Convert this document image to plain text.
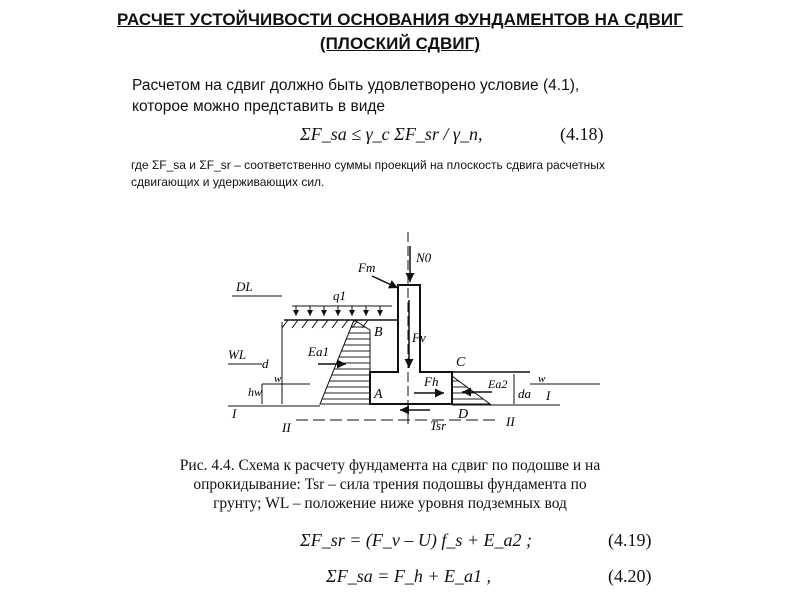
РАСЧЕТ УСТОЙЧИВОСТИ ОСНОВАНИЯ ФУНДАМЕНТОВ НА СДВИГ
(ПЛОСКИЙ СДВИГ)
Расчетом на сдвиг должно быть удовлетворено условие (4.1),
которое можно представить в виде
ΣF_sa ≤ γ_c ΣF_sr / γ_n,	(4.18)
где ΣF_sa и ΣF_sr – соответственно суммы проекций на плоскость сдвига расчетных
сдвигающих и удерживающих сил.
N0
Fm
Fv
Fh
DL
q1
Ea1
B
A
WL
d
w
hw
I
II	II
Tsr
C
Ea2
D
da
w
I
Рис. 4.4. Схема к расчету фундамента на сдвиг по подошве и на
опрокидывание: Tsr – сила трения подошвы фундамента по
грунту; WL – положение ниже уровня подземных вод
ΣF_sr = (F_v – U) f_s + E_a2 ;	(4.19)
ΣF_sa = F_h + E_a1 ,	(4.20)
